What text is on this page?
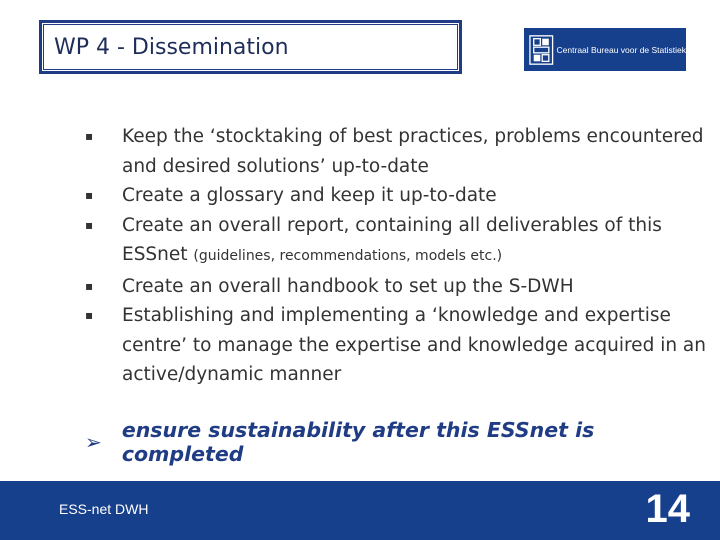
WP 4 - Dissemination	Centraal Bureau voor de Statistiek
▪	Keep the ‘stocktaking of best practices, problems encountered and desired solutions’ up-to-date
▪	Create a glossary and keep it up-to-date
▪	Create an overall report, containing all deliverables of this ESSnet (guidelines, recommendations, models etc.)
▪	Create an overall handbook to set up the S-DWH
▪	Establishing and implementing a ‘knowledge and expertise centre’ to manage the expertise and knowledge acquired in an active/dynamic manner
➢ ensure sustainability after this ESSnet is completed
ESS-net DWH	14
